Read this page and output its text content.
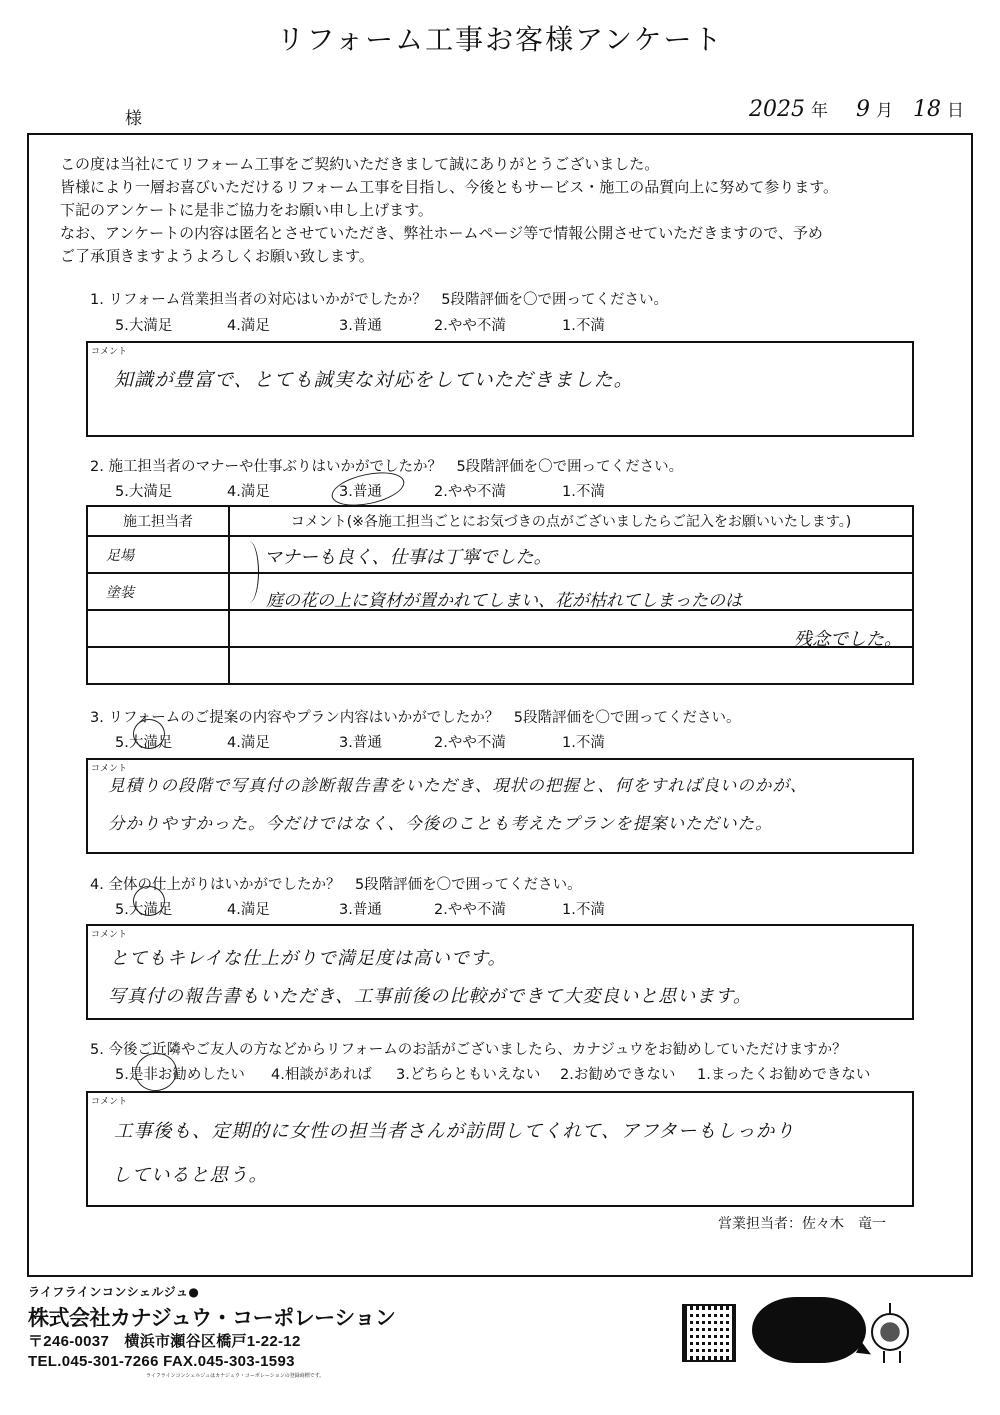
リフォーム工事お客様アンケート
様	2025 年 9 月 18 日
この度は当社にてリフォーム工事をご契約いただきまして誠にありがとうございました。
皆様により一層お喜びいただけるリフォーム工事を目指し、今後ともサービス・施工の品質向上に努めて参ります。
下記のアンケートに是非ご協力をお願い申し上げます。
なお、アンケートの内容は匿名とさせていただき、弊社ホームページ等で情報公開させていただきますので、予め
ご了承頂きますようよろしくお願い致します。
1. リフォーム営業担当者の対応はいかがでしたか？　5段階評価を〇で囲ってください。
5.大満足	4.満足	3.普通	2.やや不満	1.不満
コメント
知識が豊富で、とても誠実な対応をしていただきました。
2. 施工担当者のマナーや仕事ぶりはいかがでしたか？　5段階評価を〇で囲ってください。
5.大満足	4.満足	3.普通	2.やや不満	1.不満
施工担当者	コメント(※各施工担当ごとにお気づきの点がございましたらご記入をお願いいたします。)
足場	マナーも良く、仕事は丁寧でした。

塗装	庭の花の上に資材が置かれてしまい、花が枯れてしまったのは

	残念でした。

3. リフォームのご提案の内容やプラン内容はいかがでしたか？　5段階評価を〇で囲ってください。
5.大満足	4.満足	3.普通	2.やや不満	1.不満
コメント
見積りの段階で写真付の診断報告書をいただき、現状の把握と、何をすれば良いのかが、
分かりやすかった。今だけではなく、今後のことも考えたプランを提案いただいた。
4. 全体の仕上がりはいかがでしたか？　5段階評価を〇で囲ってください。
5.大満足	4.満足	3.普通	2.やや不満	1.不満
コメント
とてもキレイな仕上がりで満足度は高いです。
写真付の報告書もいただき、工事前後の比較ができて大変良いと思います。
5. 今後ご近隣やご友人の方などからリフォームのお話がございましたら、カナジュウをお勧めしていただけますか？
5.是非お勧めしたい	4.相談があれば	3.どちらともいえない	2.お勧めできない	1.まったくお勧めできない
コメント
工事後も、定期的に女性の担当者さんが訪問してくれて、アフターもしっかり
していると思う。
営業担当者：佐々木　竜一
ライフラインコンシェルジュ●
株式会社カナジュウ・コーポレーション
〒246-0037　横浜市瀬谷区橋戸1-22-12
TEL.045-301-7266 FAX.045-303-1593
ライフラインコンシェルジュはカナジュウ・コーポレーションの登録商標です。
